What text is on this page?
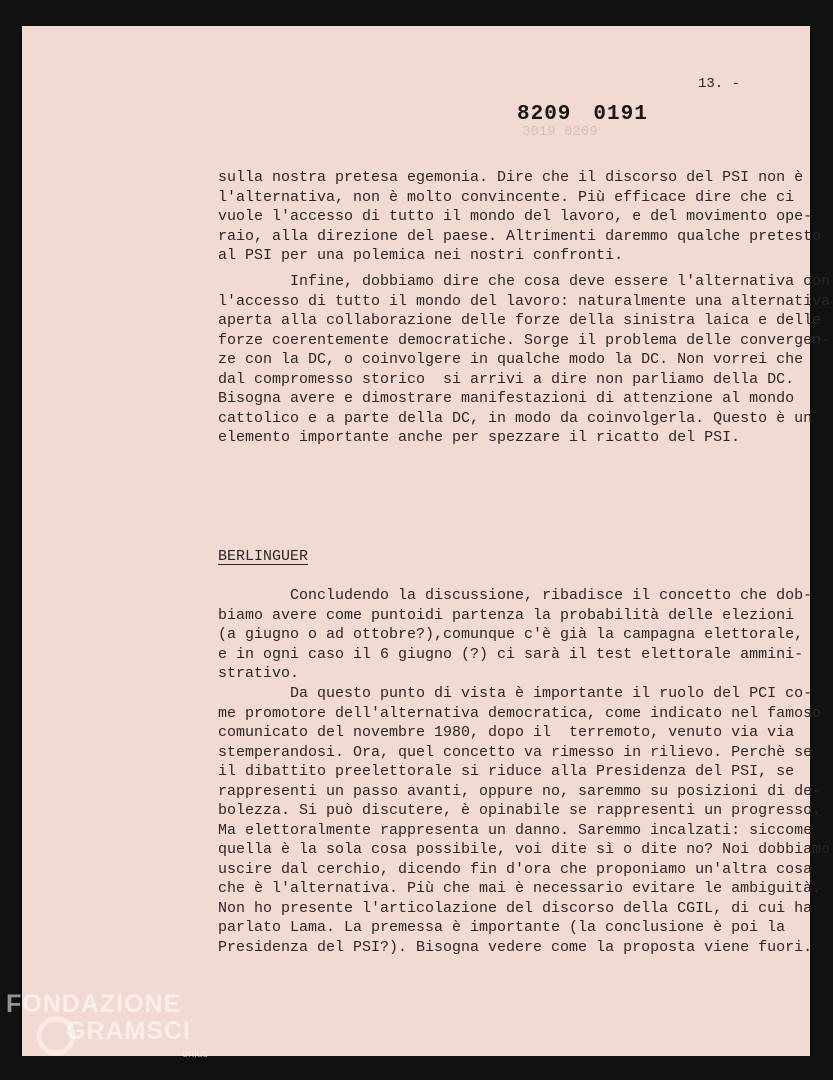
13. -
3019 0209
8209 0191

sulla nostra pretesa egemonia. Dire che il discorso del PSI non è
l'alternativa, non è molto convincente. Più efficace dire che ci
vuole l'accesso di tutto il mondo del lavoro, e del movimento ope-
raio, alla direzione del paese. Altrimenti daremmo qualche pretesto
al PSI per una polemica nei nostri confronti.

Infine, dobbiamo dire che cosa deve essere l'alternativa con
l'accesso di tutto il mondo del lavoro: naturalmente una alternativa
aperta alla collaborazione delle forze della sinistra laica e delle
forze coerentemente democratiche. Sorge il problema delle convergen-
ze con la DC, o coinvolgere in qualche modo la DC. Non vorrei che
dal compromesso storico  si arrivi a dire non parliamo della DC.
Bisogna avere e dimostrare manifestazioni di attenzione al mondo
cattolico e a parte della DC, in modo da coinvolgerla. Questo è un
elemento importante anche per spezzare il ricatto del PSI.

BERLINGUER

Concludendo la discussione, ribadisce il concetto che dob-
biamo avere come puntoidi partenza la probabilità delle elezioni
(a giugno o ad ottobre?),comunque c'è già la campagna elettorale,
e in ogni caso il 6 giugno (?) ci sarà il test elettorale ammini-
strativo.

Da questo punto di vista è importante il ruolo del PCI co-
me promotore dell'alternativa democratica, come indicato nel famoso
comunicato del novembre 1980, dopo il  terremoto, venuto via via
stemperandosi. Ora, quel concetto va rimesso in rilievo. Perchè se
il dibattito preelettorale si riduce alla Presidenza del PSI, se
rappresenti un passo avanti, oppure no, saremmo su posizioni di de-
bolezza. Si può discutere, è opinabile se rappresenti un progresso.
Ma elettoralmente rappresenta un danno. Saremmo incalzati: siccome
quella è la sola cosa possibile, voi dite sì o dite no? Noi dobbiamo
uscire dal cerchio, dicendo fin d'ora che proponiamo un'altra cosa
che è l'alternativa. Più che mai è necessario evitare le ambiguità.
Non ho presente l'articolazione del discorso della CGIL, di cui ha
parlato Lama. La premessa è importante (la conclusione è poi la
Presidenza del PSI?). Bisogna vedere come la proposta viene fuori.

FONDAZIONE
GRAMSCI
onlus
